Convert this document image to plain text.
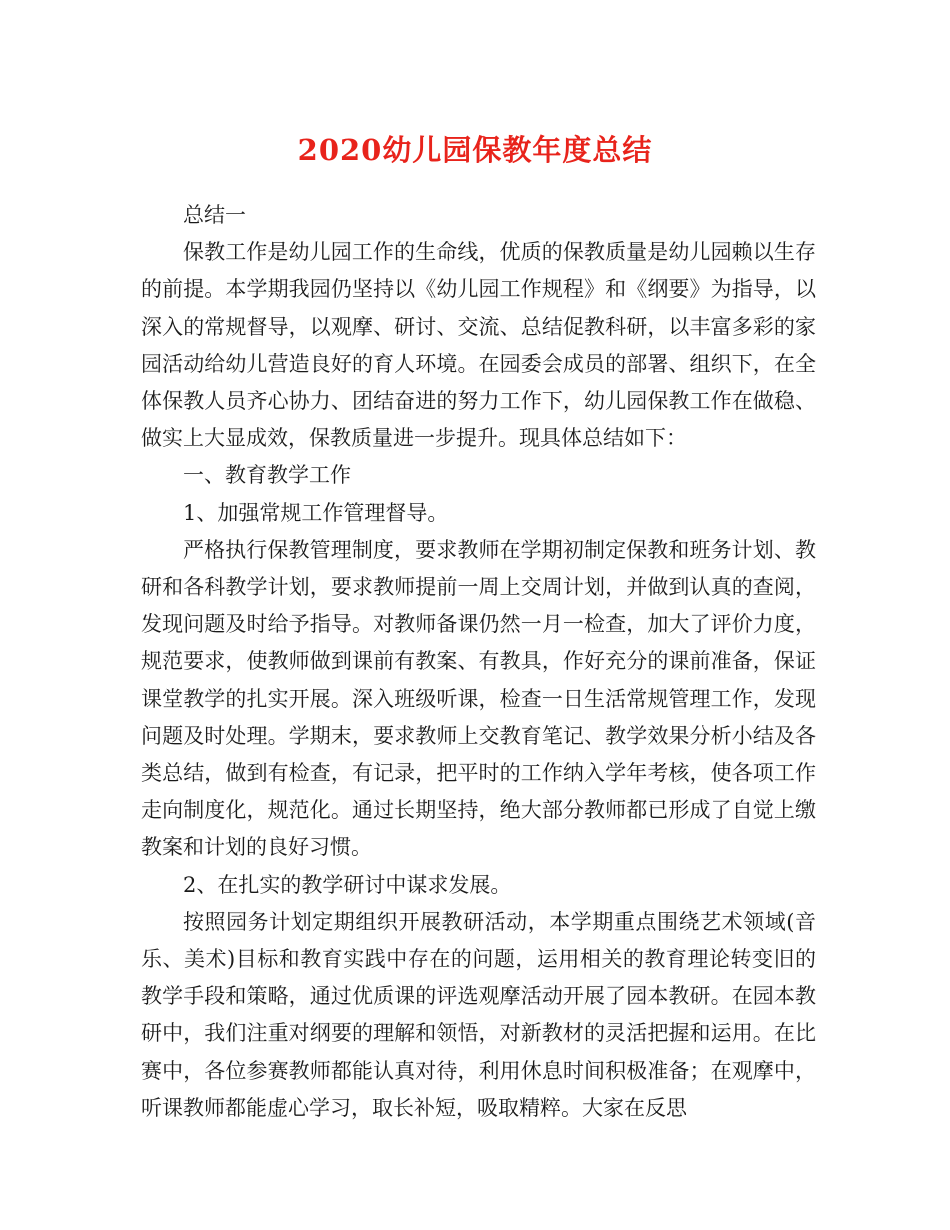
2020幼儿园保教年度总结

总结一

保教工作是幼儿园工作的生命线，优质的保教质量是幼儿园赖以生存的前提。本学期我园仍坚持以《幼儿园工作规程》和《纲要》为指导，以深入的常规督导，以观摩、研讨、交流、总结促教科研，以丰富多彩的家园活动给幼儿营造良好的育人环境。在园委会成员的部署、组织下，在全体保教人员齐心协力、团结奋进的努力工作下，幼儿园保教工作在做稳、做实上大显成效，保教质量进一步提升。现具体总结如下：

一、教育教学工作

1、加强常规工作管理督导。

严格执行保教管理制度，要求教师在学期初制定保教和班务计划、教研和各科教学计划，要求教师提前一周上交周计划，并做到认真的查阅，发现问题及时给予指导。对教师备课仍然一月一检查，加大了评价力度，规范要求，使教师做到课前有教案、有教具，作好充分的课前准备，保证课堂教学的扎实开展。深入班级听课，检查一日生活常规管理工作，发现问题及时处理。学期末，要求教师上交教育笔记、教学效果分析小结及各类总结，做到有检查，有记录，把平时的工作纳入学年考核，使各项工作走向制度化，规范化。通过长期坚持，绝大部分教师都已形成了自觉上缴教案和计划的良好习惯。

2、在扎实的教学研讨中谋求发展。

按照园务计划定期组织开展教研活动，本学期重点围绕艺术领域(音乐、美术)目标和教育实践中存在的问题，运用相关的教育理论转变旧的教学手段和策略，通过优质课的评选观摩活动开展了园本教研。在园本教研中，我们注重对纲要的理解和领悟，对新教材的灵活把握和运用。在比赛中，各位参赛教师都能认真对待，利用休息时间积极准备；在观摩中，听课教师都能虚心学习，取长补短，吸取精粹。大家在反思
